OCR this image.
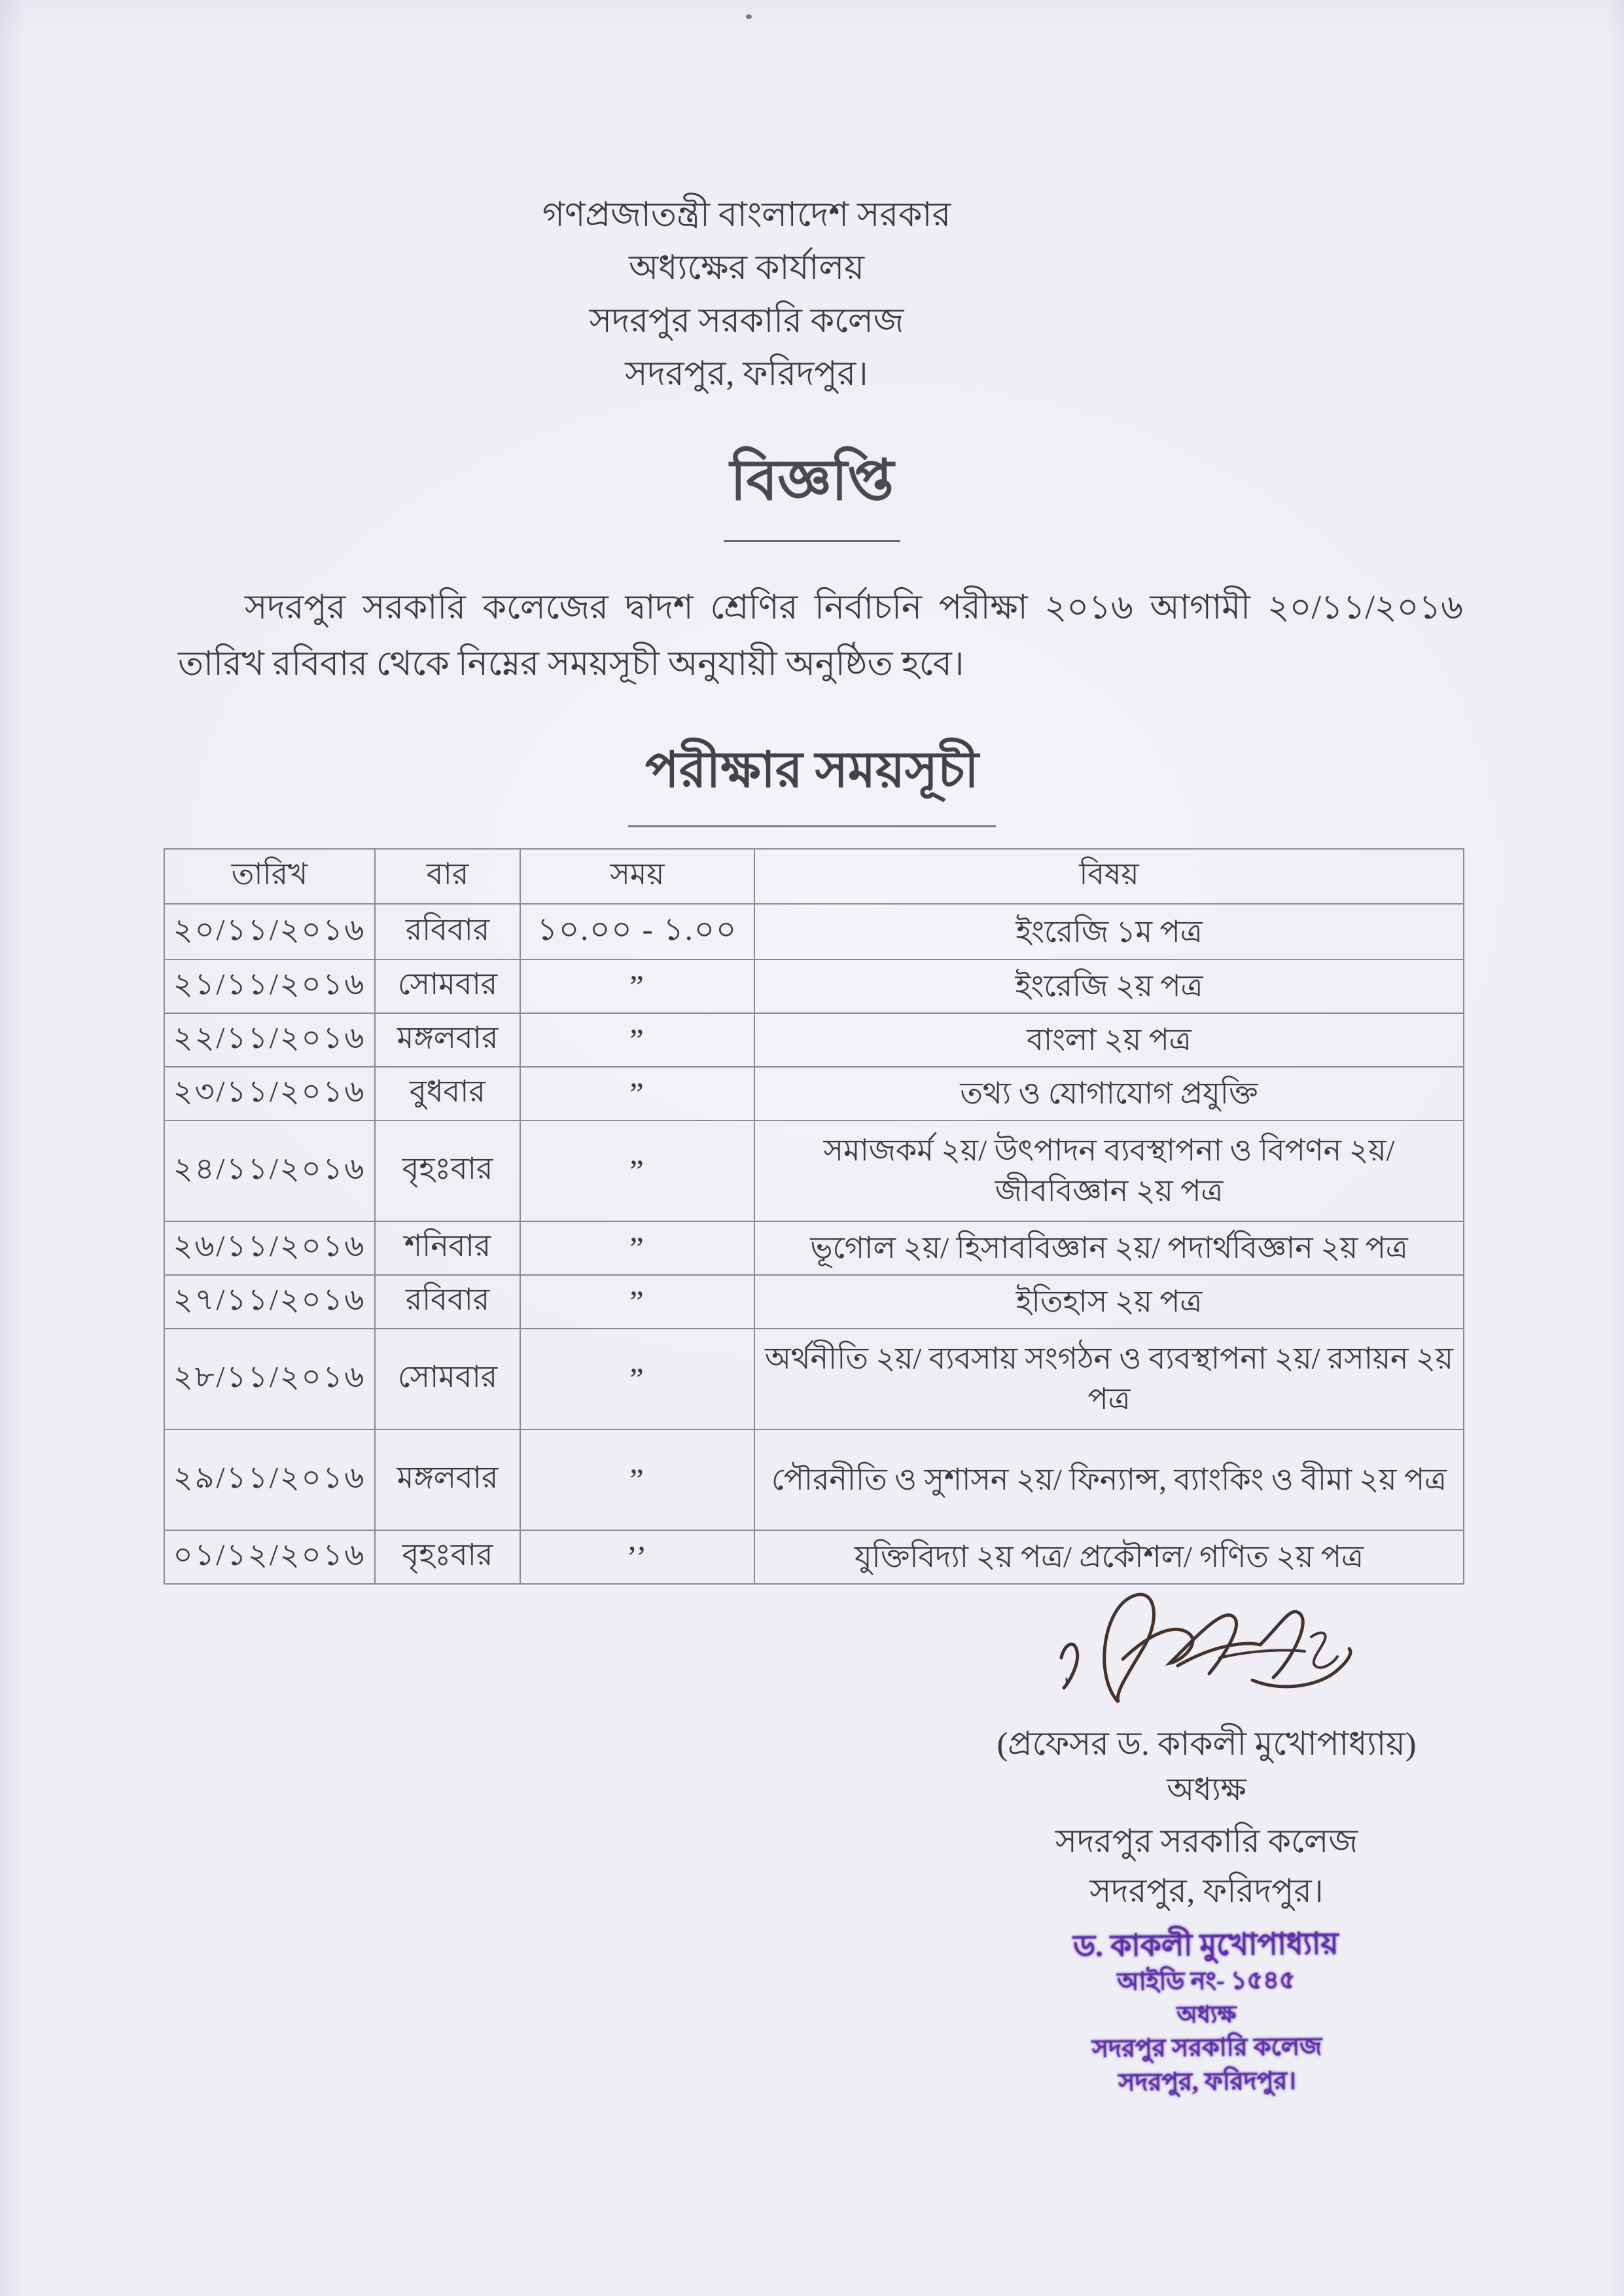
গণপ্রজাতন্ত্রী বাংলাদেশ সরকার
অধ্যক্ষের কার্যালয়
সদরপুর সরকারি কলেজ
সদরপুর, ফরিদপুর।
বিজ্ঞপ্তি
সদরপুর সরকারি কলেজের দ্বাদশ শ্রেণির নির্বাচনি পরীক্ষা ২০১৬ আগামী ২০/১১/২০১৬ তারিখ রবিবার থেকে নিম্নের সময়সূচী অনুযায়ী অনুষ্ঠিত হবে।
পরীক্ষার সময়সূচী
তারিখ	বার	সময়	বিষয়
২০/১১/২০১৬	রবিবার	১০.০০ - ১.০০	ইংরেজি ১ম পত্র
২১/১১/২০১৬	সোমবার	”	ইংরেজি ২য় পত্র
২২/১১/২০১৬	মঙ্গলবার	”	বাংলা ২য় পত্র
২৩/১১/২০১৬	বুধবার	”	তথ্য ও যোগাযোগ প্রযুক্তি
২৪/১১/২০১৬	বৃহঃবার	”	সমাজকর্ম ২য়/ উৎপাদন ব্যবস্থাপনা ও বিপণন ২য়/ জীববিজ্ঞান ২য় পত্র
২৬/১১/২০১৬	শনিবার	”	ভূগোল ২য়/ হিসাববিজ্ঞান ২য়/ পদার্থবিজ্ঞান ২য় পত্র
২৭/১১/২০১৬	রবিবার	”	ইতিহাস ২য় পত্র
২৮/১১/২০১৬	সোমবার	”	অর্থনীতি ২য়/ ব্যবসায় সংগঠন ও ব্যবস্থাপনা ২য়/ রসায়ন ২য় পত্র
২৯/১১/২০১৬	মঙ্গলবার	”	পৌরনীতি ও সুশাসন ২য়/ ফিন্যান্স, ব্যাংকিং ও বীমা ২য় পত্র
০১/১২/২০১৬	বৃহঃবার	’’	যুক্তিবিদ্যা ২য় পত্র/ প্রকৌশল/ গণিত ২য় পত্র
(প্রফেসর ড. কাকলী মুখোপাধ্যায়)
অধ্যক্ষ
সদরপুর সরকারি কলেজ
সদরপুর, ফরিদপুর।
ড. কাকলী মুখোপাধ্যায়
আইডি নং- ১৫৪৫
অধ্যক্ষ
সদরপুর সরকারি কলেজ
সদরপুর, ফরিদপুর।
